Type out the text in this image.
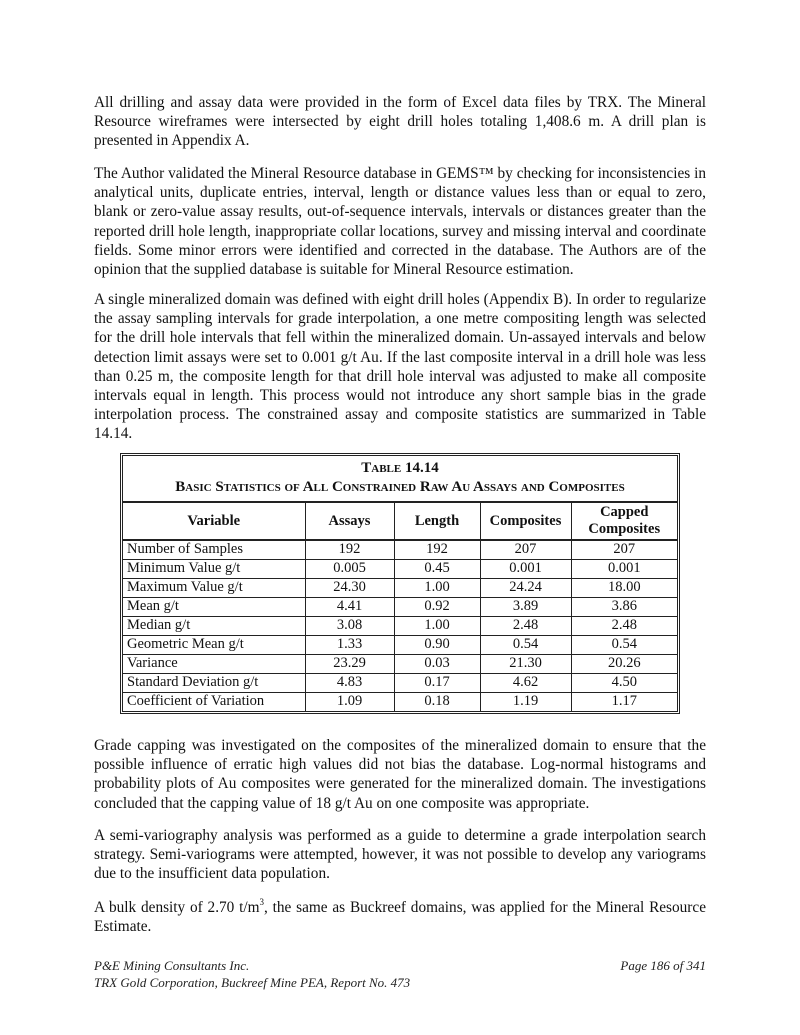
All drilling and assay data were provided in the form of Excel data files by TRX. The Mineral Resource wireframes were intersected by eight drill holes totaling 1,408.6 m. A drill plan is presented in Appendix A.

The Author validated the Mineral Resource database in GEMS™ by checking for inconsistencies in analytical units, duplicate entries, interval, length or distance values less than or equal to zero, blank or zero-value assay results, out-of-sequence intervals, intervals or distances greater than the reported drill hole length, inappropriate collar locations, survey and missing interval and coordinate fields. Some minor errors were identified and corrected in the database. The Authors are of the opinion that the supplied database is suitable for Mineral Resource estimation.

A single mineralized domain was defined with eight drill holes (Appendix B). In order to regularize the assay sampling intervals for grade interpolation, a one metre compositing length was selected for the drill hole intervals that fell within the mineralized domain. Un-assayed intervals and below detection limit assays were set to 0.001 g/t Au. If the last composite interval in a drill hole was less than 0.25 m, the composite length for that drill hole interval was adjusted to make all composite intervals equal in length. This process would not introduce any short sample bias in the grade interpolation process. The constrained assay and composite statistics are summarized in Table 14.14.

Table 14.14
Basic Statistics of All Constrained Raw Au Assays and Composites
Variable	Assays	Length	Composites	Capped Composites
Number of Samples	192	192	207	207
Minimum Value g/t	0.005	0.45	0.001	0.001
Maximum Value g/t	24.30	1.00	24.24	18.00
Mean g/t	4.41	0.92	3.89	3.86
Median g/t	3.08	1.00	2.48	2.48
Geometric Mean g/t	1.33	0.90	0.54	0.54
Variance	23.29	0.03	21.30	20.26
Standard Deviation g/t	4.83	0.17	4.62	4.50
Coefficient of Variation	1.09	0.18	1.19	1.17

Grade capping was investigated on the composites of the mineralized domain to ensure that the possible influence of erratic high values did not bias the database. Log-normal histograms and probability plots of Au composites were generated for the mineralized domain. The investigations concluded that the capping value of 18 g/t Au on one composite was appropriate.

A semi-variography analysis was performed as a guide to determine a grade interpolation search strategy. Semi-variograms were attempted, however, it was not possible to develop any variograms due to the insufficient data population.

A bulk density of 2.70 $t/m^3$, the same as Buckreef domains, was applied for the Mineral Resource Estimate.

P&E Mining Consultants Inc.
TRX Gold Corporation, Buckreef Mine PEA, Report No. 473
Page 186 of 341
